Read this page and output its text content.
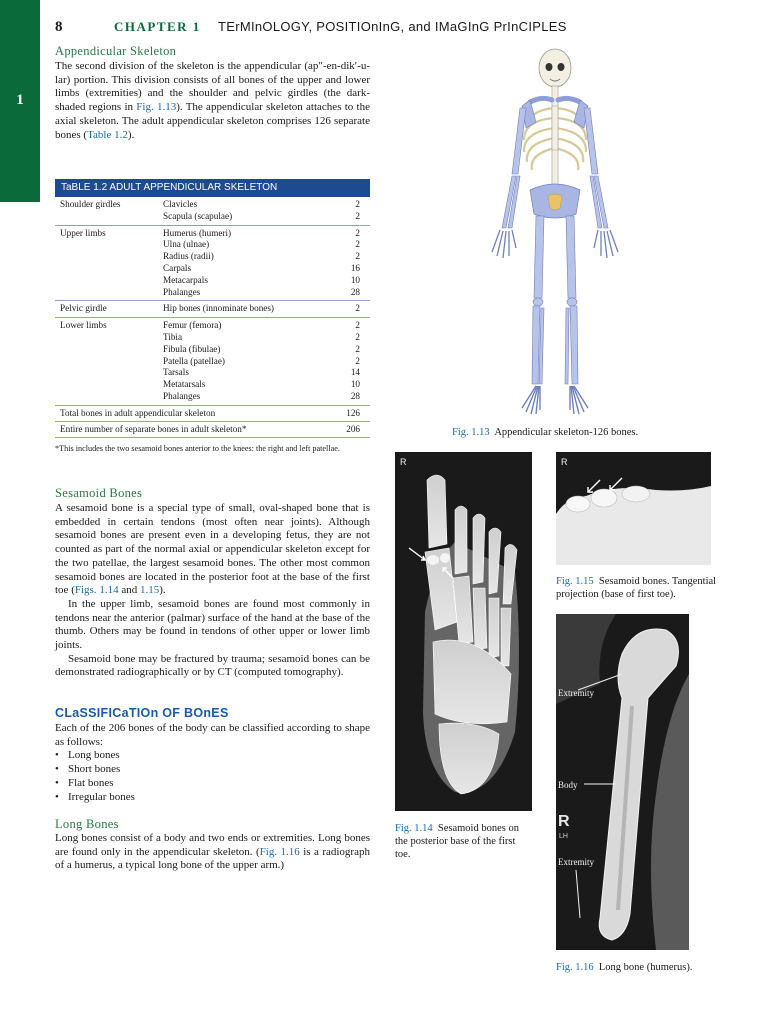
1
8	CHAPTER 1 TErMInOLOGY, POSITIOnInG, and IMaGInG PrInCIPLES
Appendicular Skeleton

The second division of the skeleton is the appendicular (ap″-en-dik′-u-lar) portion. This division consists of all bones of the upper and lower limbs (extremities) and the shoulder and pelvic girdles (the dark-shaded regions in Fig. 1.13). The appendicular skeleton attaches to the axial skeleton. The adult appendicular skeleton comprises 126 separate bones (Table 1.2).

TaBLE 1.2 ADULT APPENDICULAR SKELETON
Shoulder girdles	Clavicles	2
Scapula (scapulae)	2
Upper limbs	Humerus (humeri)	2
Ulna (ulnae)	2
Radius (radii)	2
Carpals	16
Metacarpals	10
Phalanges	28
Pelvic girdle	Hip bones (innominate bones)	2
Lower limbs	Femur (femora)	2
Tibia	2
Fibula (fibulae)	2
Patella (patellae)	2
Tarsals	14
Metatarsals	10
Phalanges	28
Total bones in adult appendicular skeleton	126
Entire number of separate bones in adult skeleton*	206
*This includes the two sesamoid bones anterior to the knees: the right and left patellae.
Fig. 1.13 Appendicular skeleton-126 bones.
R
Fig. 1.14 Sesamoid bones on the posterior base of the first toe.
R
Fig. 1.15 Sesamoid bones. Tangential projection (base of first toe).
R
LH
Extremity
Body
Extremity
Fig. 1.16 Long bone (humerus).
Sesamoid Bones

A sesamoid bone is a special type of small, oval-shaped bone that is embedded in certain tendons (most often near joints). Although sesamoid bones are present even in a developing fetus, they are not counted as part of the normal axial or appendicular skeleton except for the two patellae, the largest sesamoid bones. The other most common sesamoid bones are located in the posterior foot at the base of the first toe (Figs. 1.14 and 1.15).

In the upper limb, sesamoid bones are found most commonly in tendons near the anterior (palmar) surface of the hand at the base of the thumb. Others may be found in tendons of other upper or lower limb joints.

Sesamoid bone may be fractured by trauma; sesamoid bones can be demonstrated radiographically or by CT (computed tomography).

CLaSSIFICaTIOn OF BOnES

Each of the 206 bones of the body can be classified according to shape as follows:

• Long bones
• Short bones
• Flat bones
• Irregular bones
Long Bones

Long bones consist of a body and two ends or extremities. Long bones are found only in the appendicular skeleton. (Fig. 1.16 is a radiograph of a humerus, a typical long bone of the upper arm.)
